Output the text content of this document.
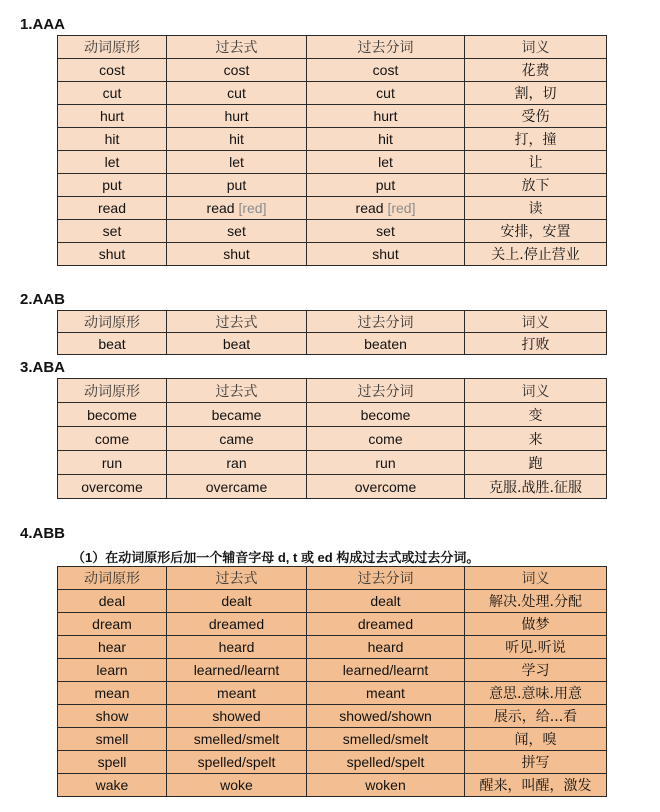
1.AAA
动词原形	过去式	过去分词	词义
cost	cost	cost	花费
cut	cut	cut	割，切
hurt	hurt	hurt	受伤
hit	hit	hit	打，撞
let	let	let	让
put	put	put	放下
read	read [red]	read [red]	读
set	set	set	安排，安置
shut	shut	shut	关上.停止营业
2.AAB
动词原形	过去式	过去分词	词义
beat	beat	beaten	打败
3.ABA
动词原形	过去式	过去分词	词义
become	became	become	变
come	came	come	来
run	ran	run	跑
overcome	overcame	overcome	克服.战胜.征服
4.ABB
（1）在动词原形后加一个辅音字母 d, t 或 ed 构成过去式或过去分词。
动词原形	过去式	过去分词	词义
deal	dealt	dealt	解决.处理.分配
dream	dreamed	dreamed	做梦
hear	heard	heard	听见.听说
learn	learned/learnt	learned/learnt	学习
mean	meant	meant	意思.意味.用意
show	showed	showed/shown	展示，给...看
smell	smelled/smelt	smelled/smelt	闻，嗅
spell	spelled/spelt	spelled/spelt	拼写
wake	woke	woken	醒来，叫醒，激发
